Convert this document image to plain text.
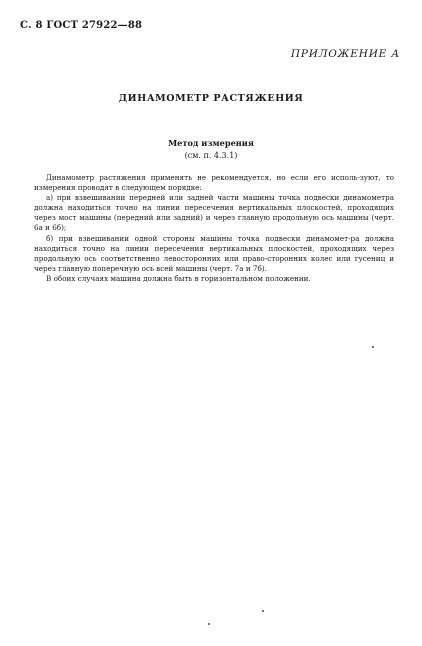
С. 8 ГОСТ 27922—88
ПРИЛОЖЕНИЕ А
ДИНАМОМЕТР РАСТЯЖЕНИЯ
Метод измерения
(см. п. 4.3.1)

Динамометр растяжения применять не рекомендуется, но если его исполь-зуют, то измерения проводят в следующем порядке:

а) при взвешивании передней или задней части машины точка подвески динамометра должна находиться точно на линии пересечения вертикальных плоскостей, проходящих через мост машины (передний или задний) и через главную продольную ось машины (черт. 6а и 6б);

б) при взвешивании одной стороны машины точка подвески динамомет-ра должна находиться точно на линии пересечения вертикальных плоскостей, проходящих через продольную ось соответственно левосторонних или право-сторонних колес или гусениц и через главную поперечную ось всей машины (черт. 7а и 7б).

В обоих случаях машина должна быть в горизонтальном положении.
